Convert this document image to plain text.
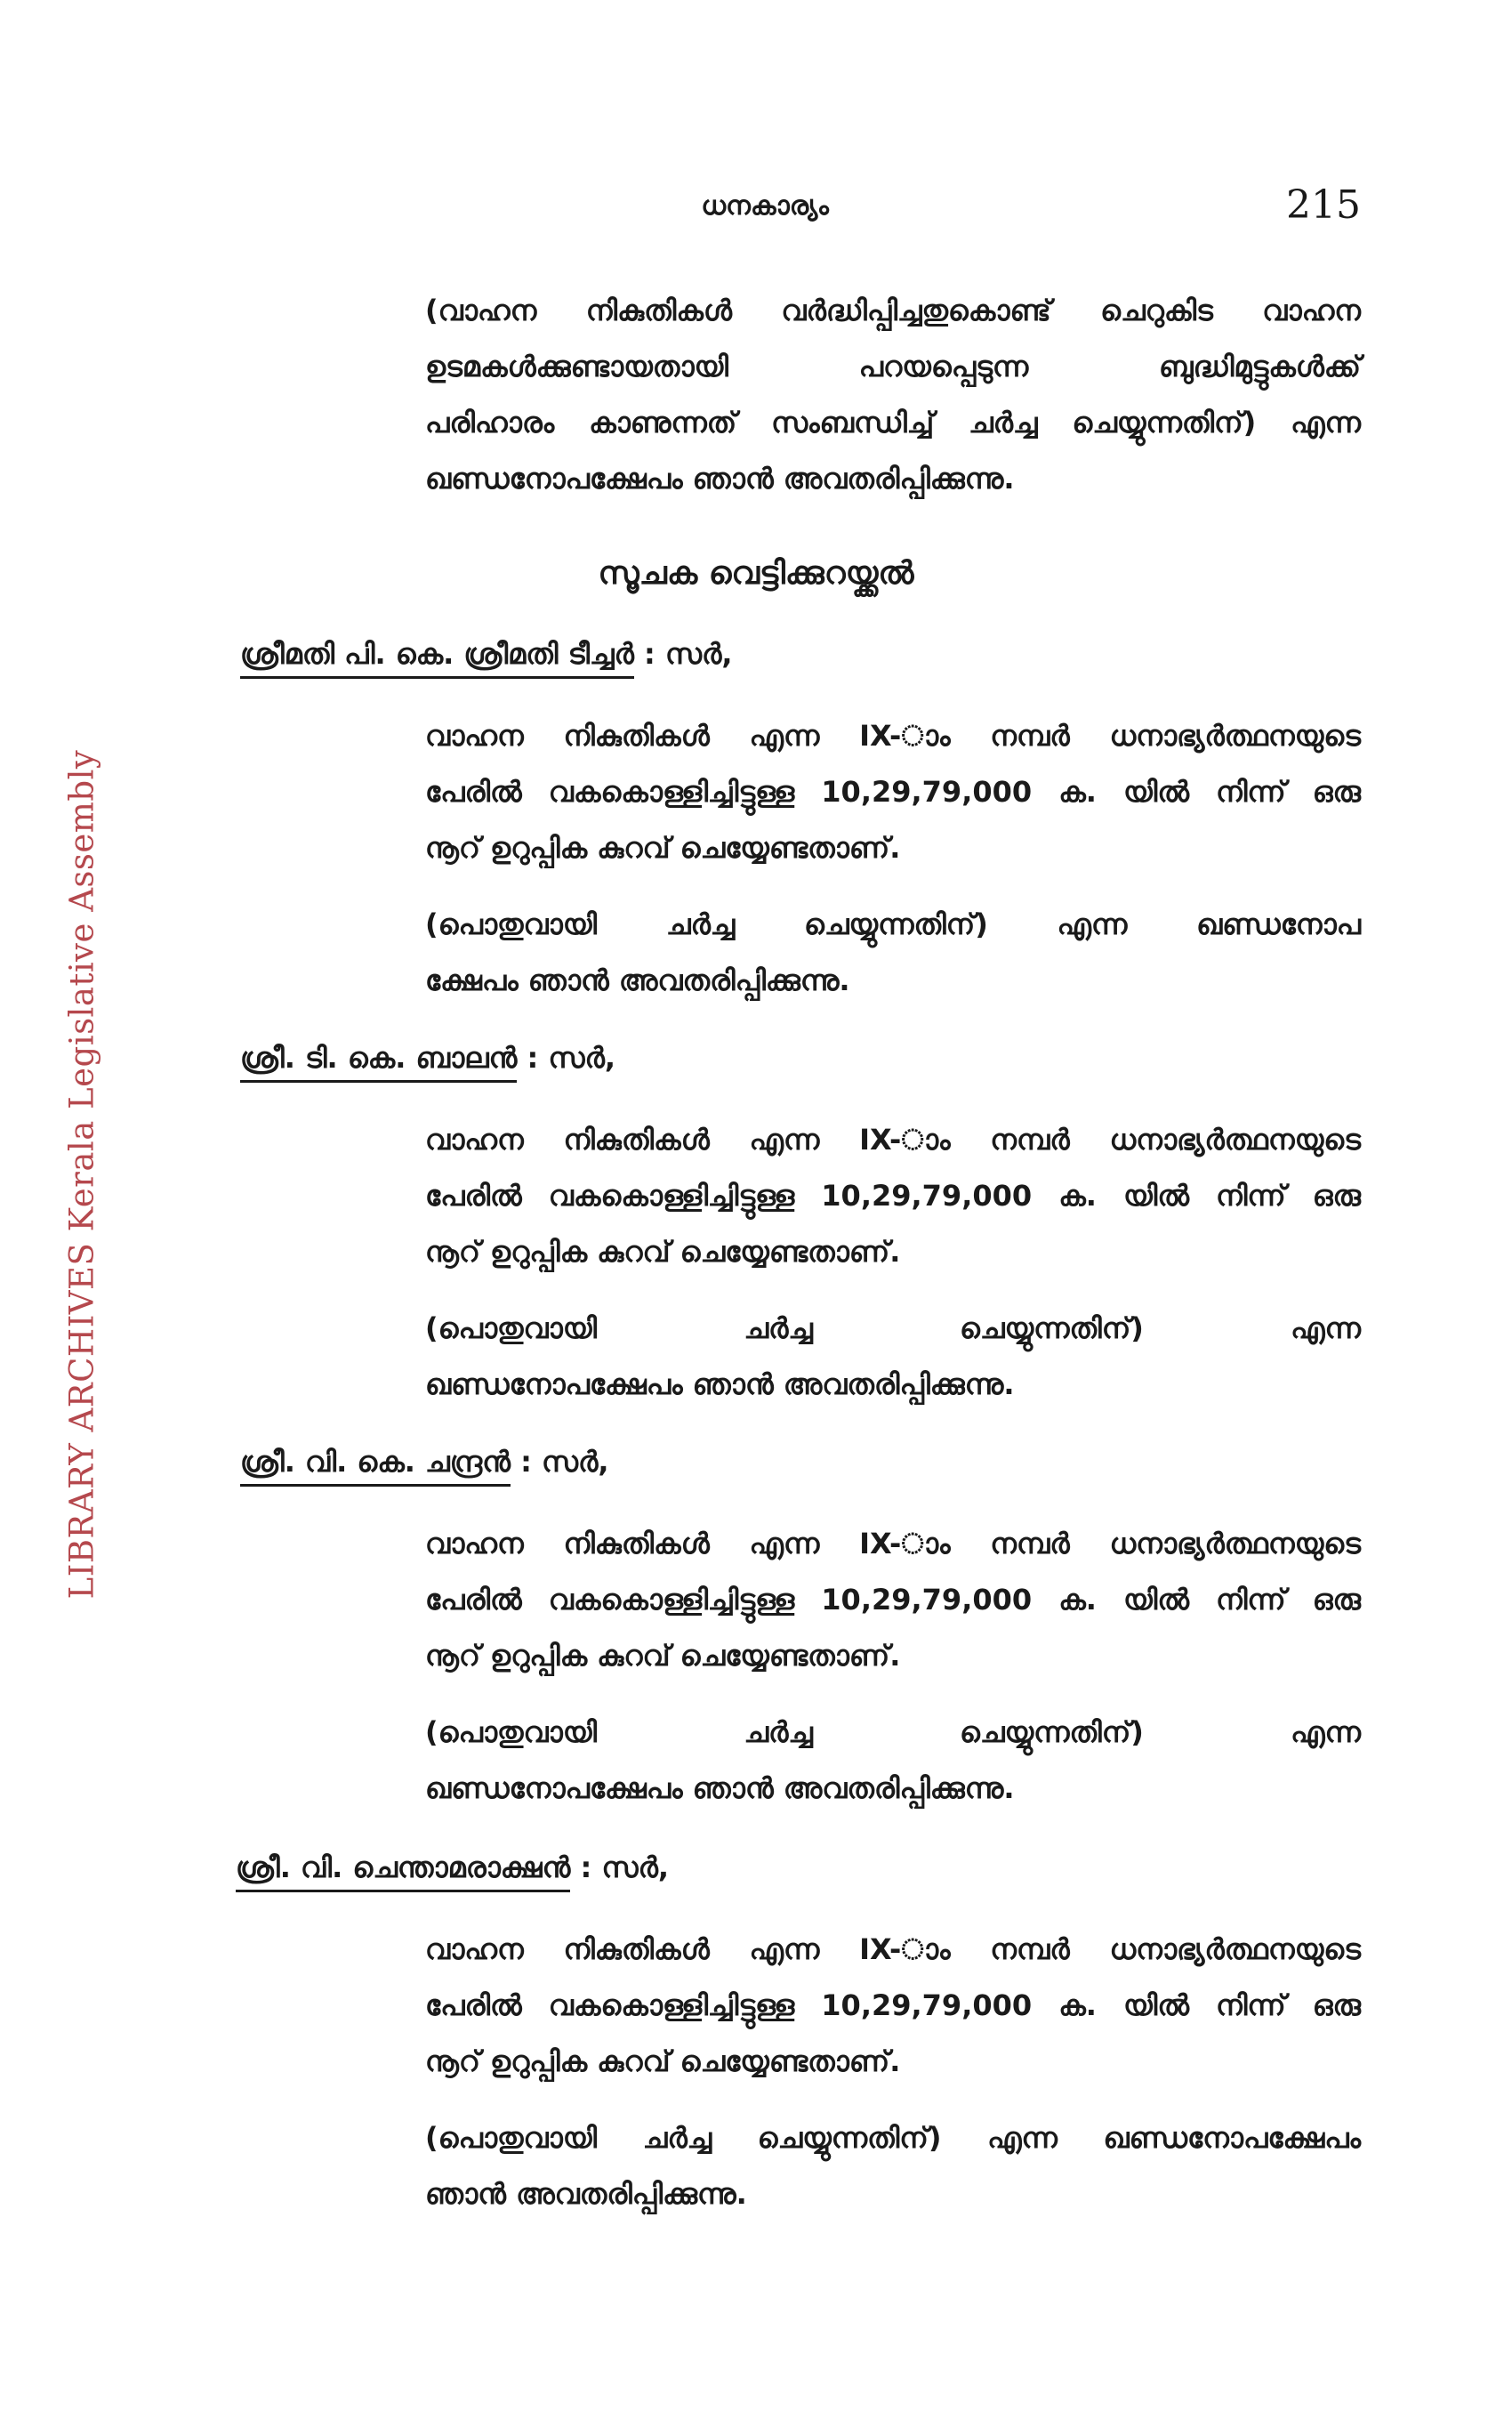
LIBRARY ARCHIVES Kerala Legislative Assembly
ധനകാര്യം	215
(വാഹന നികുതികൾ വർദ്ധിപ്പിച്ചതുകൊണ്ട് ചെറുകിട വാഹന
ഉടമകൾക്കുണ്ടായതായി പറയപ്പെടുന്ന ബുദ്ധിമുട്ടുകൾക്ക്
പരിഹാരം കാണുന്നത് സംബന്ധിച്ച് ചർച്ച ചെയ്യുന്നതിന്) എന്ന
ഖണ്ഡനോപക്ഷേപം ഞാൻ അവതരിപ്പിക്കുന്നു.
സൂചക വെട്ടിക്കുറയ്ക്കൽ
ശ്രീമതി പി. കെ. ശ്രീമതി ടീച്ചർ : സർ,
വാഹന നികുതികൾ എന്ന IX-ാം നമ്പർ ധനാഭ്യർത്ഥനയുടെ
പേരിൽ വകകൊള്ളിച്ചിട്ടുള്ള 10,29,79,000 ക. യിൽ നിന്ന് ഒരു
നൂറ് ഉറുപ്പിക കുറവ് ചെയ്യേണ്ടതാണ്.
(പൊതുവായി ചർച്ച ചെയ്യുന്നതിന്) എന്ന ഖണ്ഡനോപ
ക്ഷേപം ഞാൻ അവതരിപ്പിക്കുന്നു.
ശ്രീ. ടി. കെ. ബാലൻ : സർ,
വാഹന നികുതികൾ എന്ന IX-ാം നമ്പർ ധനാഭ്യർത്ഥനയുടെ
പേരിൽ വകകൊള്ളിച്ചിട്ടുള്ള 10,29,79,000 ക. യിൽ നിന്ന് ഒരു
നൂറ് ഉറുപ്പിക കുറവ് ചെയ്യേണ്ടതാണ്.
(പൊതുവായി ചർച്ച ചെയ്യുന്നതിന്) എന്ന
ഖണ്ഡനോപക്ഷേപം ഞാൻ അവതരിപ്പിക്കുന്നു.
ശ്രീ. വി. കെ. ചന്ദ്രൻ : സർ,
വാഹന നികുതികൾ എന്ന IX-ാം നമ്പർ ധനാഭ്യർത്ഥനയുടെ
പേരിൽ വകകൊള്ളിച്ചിട്ടുള്ള 10,29,79,000 ക. യിൽ നിന്ന് ഒരു
നൂറ് ഉറുപ്പിക കുറവ് ചെയ്യേണ്ടതാണ്.
(പൊതുവായി ചർച്ച ചെയ്യുന്നതിന്) എന്ന
ഖണ്ഡനോപക്ഷേപം ഞാൻ അവതരിപ്പിക്കുന്നു.
ശ്രീ. വി. ചെന്താമരാക്ഷൻ : സർ,
വാഹന നികുതികൾ എന്ന IX-ാം നമ്പർ ധനാഭ്യർത്ഥനയുടെ
പേരിൽ വകകൊള്ളിച്ചിട്ടുള്ള 10,29,79,000 ക. യിൽ നിന്ന് ഒരു
നൂറ് ഉറുപ്പിക കുറവ് ചെയ്യേണ്ടതാണ്.
(പൊതുവായി ചർച്ച ചെയ്യുന്നതിന്) എന്ന ഖണ്ഡനോപക്ഷേപം
ഞാൻ അവതരിപ്പിക്കുന്നു.
